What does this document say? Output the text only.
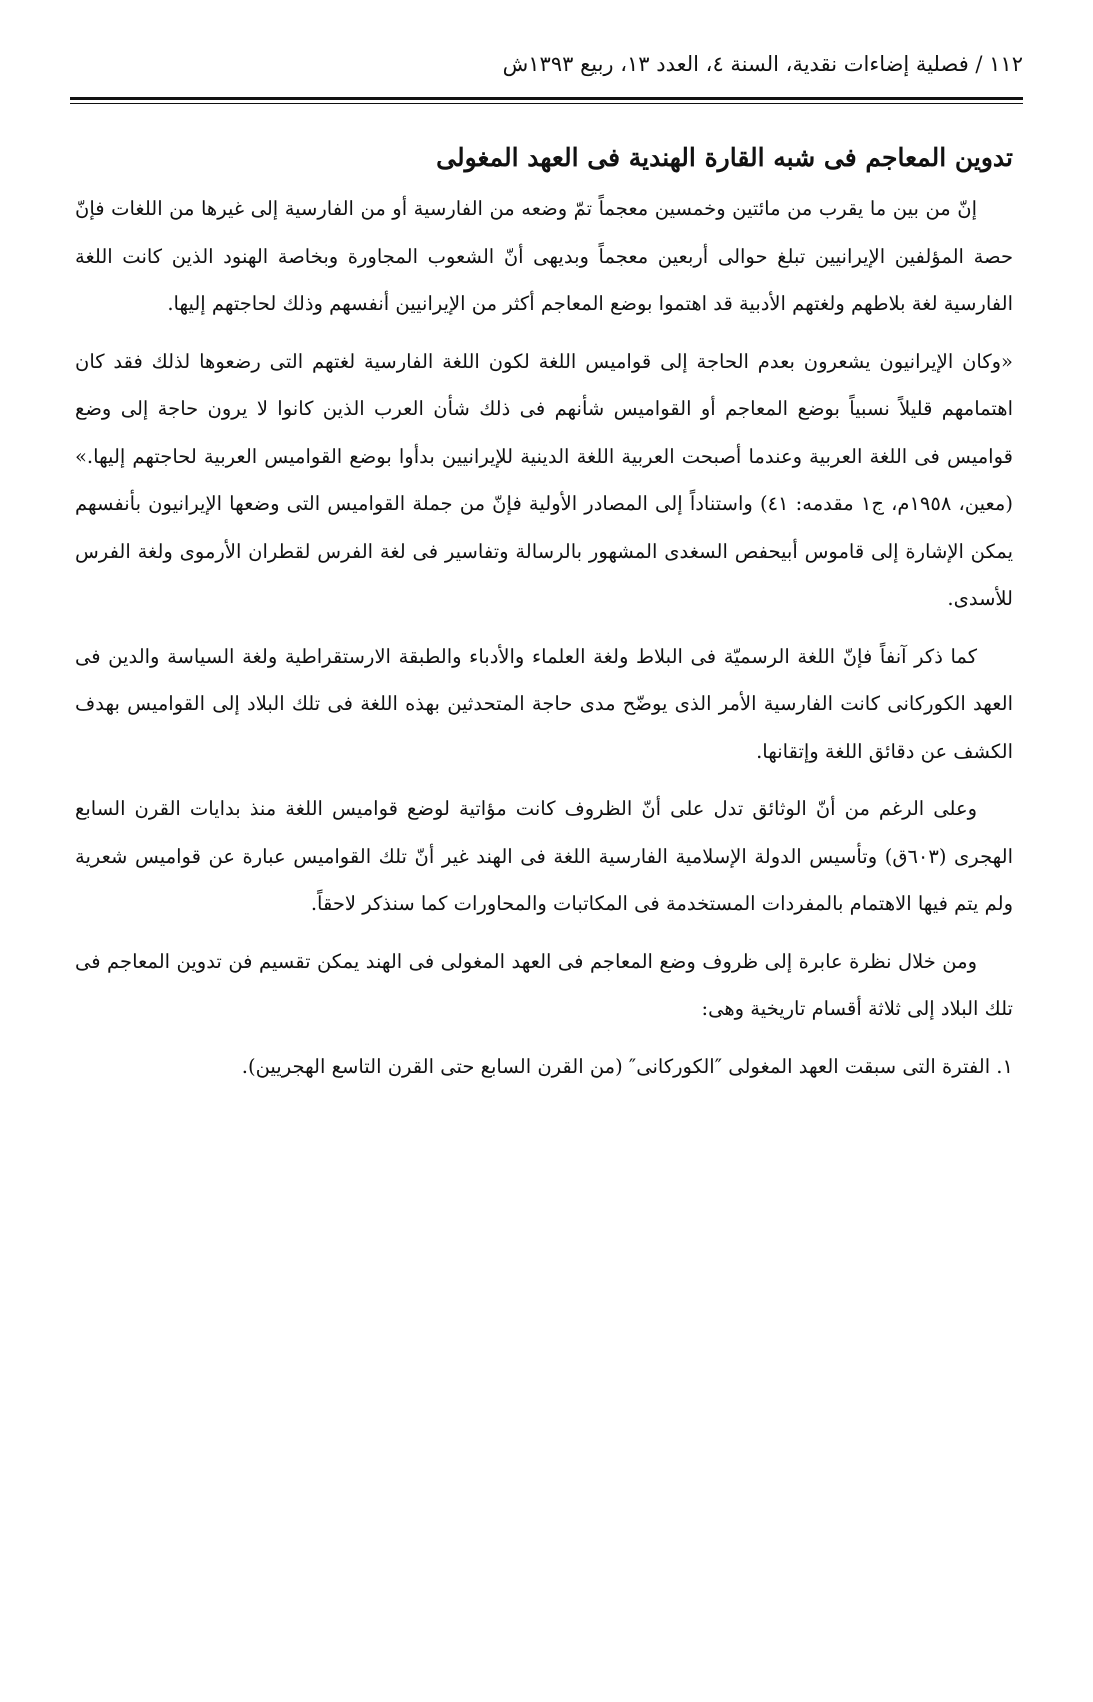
١١٢ / فصلية إضاءات نقدية، السنة ٤، العدد ١٣، ربيع ١٣٩٣ش
تدوين المعاجم فى شبه القارة الهندية فى العهد المغولى

إنّ من بين ما يقرب من مائتين وخمسين معجماً تمّ وضعه من الفارسية أو من الفارسية إلى غيرها من اللغات فإنّ حصة المؤلفين الإيرانيين تبلغ حوالى أربعين معجماً وبديهى أنّ الشعوب المجاورة وبخاصة الهنود الذين كانت اللغة الفارسية لغة بلاطهم ولغتهم الأدبية قد اهتموا بوضع المعاجم أكثر من الإيرانيين أنفسهم وذلك لحاجتهم إليها.

«وكان الإيرانيون يشعرون بعدم الحاجة إلى قواميس اللغة لكون اللغة الفارسية لغتهم التى رضعوها لذلك فقد كان اهتمامهم قليلاً نسبياً بوضع المعاجم أو القواميس شأنهم فى ذلك شأن العرب الذين كانوا لا يرون حاجة إلى وضع قواميس فى اللغة العربية وعندما أصبحت العربية اللغة الدينية للإيرانيين بدأوا بوضع القواميس العربية لحاجتهم إليها.» (معين، ١٩٥٨م، ج١ مقدمه: ٤١) واستناداً إلى المصادر الأولية فإنّ من جملة القواميس التى وضعها الإيرانيون بأنفسهم يمكن الإشارة إلى قاموس أبيحفص السغدى المشهور بالرسالة وتفاسير فى لغة الفرس لقطران الأرموى ولغة الفرس للأسدى.

كما ذكر آنفاً فإنّ اللغة الرسميّة فى البلاط ولغة العلماء والأدباء والطبقة الارستقراطية ولغة السياسة والدين فى العهد الكوركانى كانت الفارسية الأمر الذى يوضّح مدى حاجة المتحدثين بهذه اللغة فى تلك البلاد إلى القواميس بهدف الكشف عن دقائق اللغة وإتقانها.

وعلى الرغم من أنّ الوثائق تدل على أنّ الظروف كانت مؤاتية لوضع قواميس اللغة منذ بدايات القرن السابع الهجرى (٦٠٣ق) وتأسيس الدولة الإسلامية الفارسية اللغة فى الهند غير أنّ تلك القواميس عبارة عن قواميس شعرية ولم يتم فيها الاهتمام بالمفردات المستخدمة فى المكاتبات والمحاورات كما سنذكر لاحقاً.

ومن خلال نظرة عابرة إلى ظروف وضع المعاجم فى العهد المغولى فى الهند يمكن تقسيم فن تدوين المعاجم فى تلك البلاد إلى ثلاثة أقسام تاريخية وهى:

١. الفترة التى سبقت العهد المغولى ″الكوركانى″ (من القرن السابع حتى القرن التاسع الهجريين).
